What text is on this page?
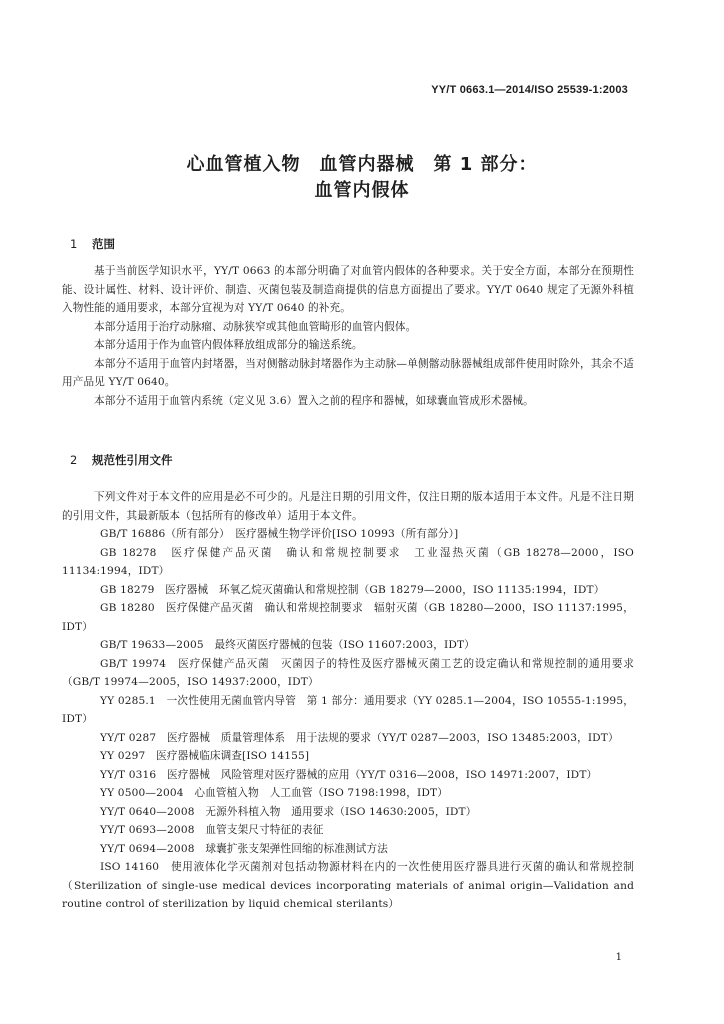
YY/T 0663.1—2014/ISO 25539-1:2003
心血管植入物　血管内器械　第 1 部分：
血管内假体
1 范围

基于当前医学知识水平，YY/T 0663 的本部分明确了对血管内假体的各种要求。关于安全方面，本部分在预期性能、设计属性、材料、设计评价、制造、灭菌包装及制造商提供的信息方面提出了要求。YY/T 0640 规定了无源外科植入物性能的通用要求，本部分宜视为对 YY/T 0640 的补充。

本部分适用于治疗动脉瘤、动脉狭窄或其他血管畸形的血管内假体。

本部分适用于作为血管内假体释放组成部分的输送系统。

本部分不适用于血管内封堵器，当对侧髂动脉封堵器作为主动脉—单侧髂动脉器械组成部件使用时除外，其余不适用产品见 YY/T 0640。

本部分不适用于血管内系统（定义见 3.6）置入之前的程序和器械，如球囊血管成形术器械。

2 规范性引用文件

下列文件对于本文件的应用是必不可少的。凡是注日期的引用文件，仅注日期的版本适用于本文件。凡是不注日期的引用文件，其最新版本（包括所有的修改单）适用于本文件。

GB/T 16886（所有部分）　医疗器械生物学评价[ISO 10993（所有部分）]

GB 18278　医疗保健产品灭菌　确认和常规控制要求　工业湿热灭菌（GB 18278—2000，ISO 11134:1994，IDT）

GB 18279　医疗器械　环氧乙烷灭菌确认和常规控制（GB 18279—2000，ISO 11135:1994，IDT）

GB 18280　医疗保健产品灭菌　确认和常规控制要求　辐射灭菌（GB 18280—2000，ISO 11137:1995，IDT）

GB/T 19633—2005　最终灭菌医疗器械的包装（ISO 11607:2003，IDT）

GB/T 19974　医疗保健产品灭菌　灭菌因子的特性及医疗器械灭菌工艺的设定确认和常规控制的通用要求（GB/T 19974—2005，ISO 14937:2000，IDT）

YY 0285.1　一次性使用无菌血管内导管　第 1 部分：通用要求（YY 0285.1—2004，ISO 10555-1:1995，IDT）

YY/T 0287　医疗器械　质量管理体系　用于法规的要求（YY/T 0287—2003，ISO 13485:2003，IDT）

YY 0297　医疗器械临床调查[ISO 14155]

YY/T 0316　医疗器械　风险管理对医疗器械的应用（YY/T 0316—2008，ISO 14971:2007，IDT）

YY 0500—2004　心血管植入物　人工血管（ISO 7198:1998，IDT）

YY/T 0640—2008　无源外科植入物　通用要求（ISO 14630:2005，IDT）

YY/T 0693—2008　血管支架尺寸特征的表征

YY/T 0694—2008　球囊扩张支架弹性回缩的标准测试方法

ISO 14160　使用液体化学灭菌剂对包括动物源材料在内的一次性使用医疗器具进行灭菌的确认和常规控制（Sterilization of single-use medical devices incorporating materials of animal origin—Validation and routine control of sterilization by liquid chemical sterilants）

1
